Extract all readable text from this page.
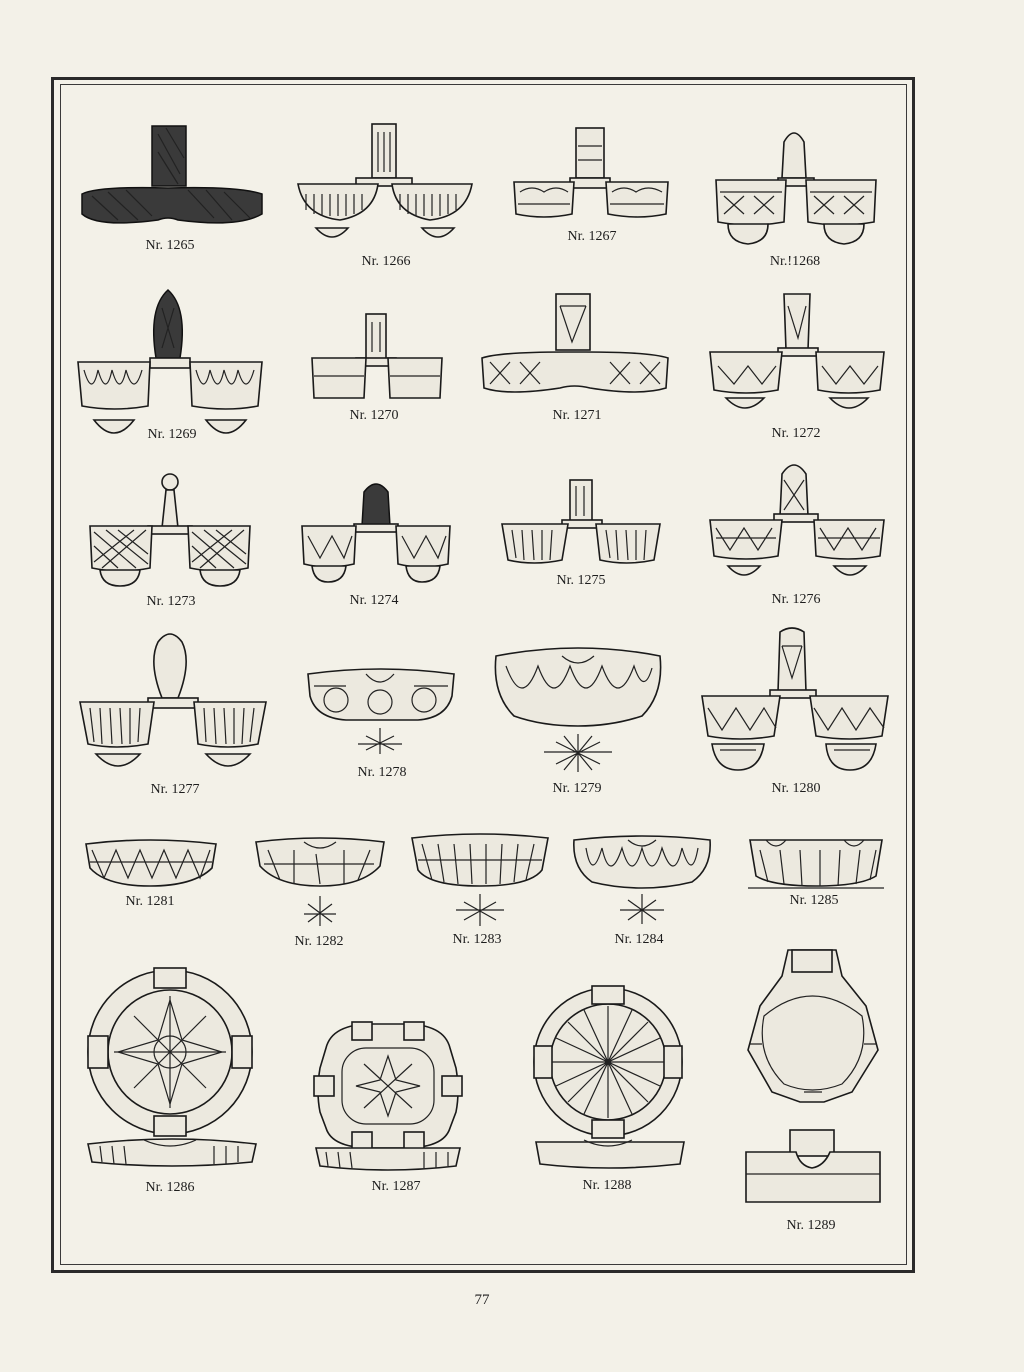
Nr. 1265
Nr. 1266
Nr. 1267
Nr.!1268
Nr. 1269
Nr. 1270	Nr. 1271
Nr. 1272
Nr. 1273	Nr. 1274
Nr. 1275
Nr. 1276
Nr. 1277
Nr. 1278
Nr. 1279	Nr. 1280
Nr. 1281
Nr. 1282	Nr. 1283	Nr. 1284
Nr. 1285
Nr. 1286	Nr. 1287	Nr. 1288
Nr. 1289
77
